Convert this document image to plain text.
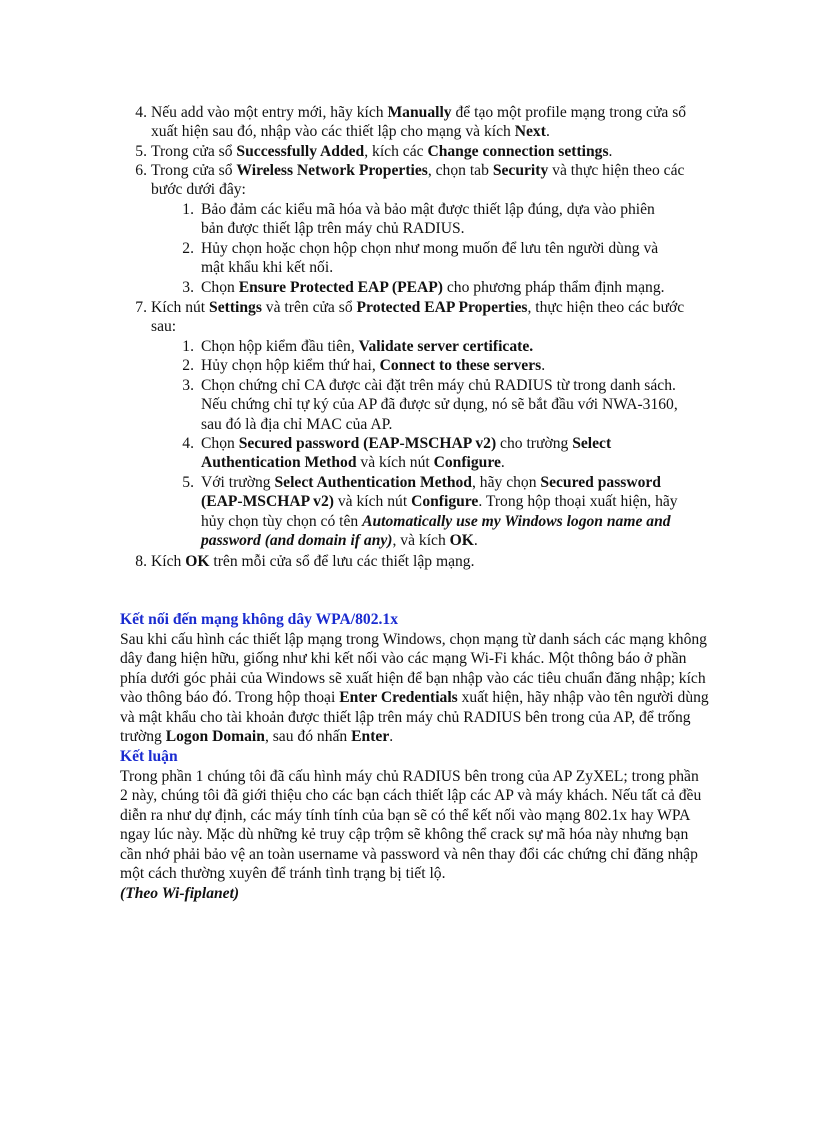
4. Nếu add vào một entry mới, hãy kích Manually để tạo một profile mạng trong cửa sổ xuất hiện sau đó, nhập vào các thiết lập cho mạng và kích Next.
5. Trong cửa sổ Successfully Added, kích các Change connection settings.
6. Trong cửa sổ Wireless Network Properties, chọn tab Security và thực hiện theo các bước dưới đây:
1. Bảo đảm các kiểu mã hóa và bảo mật được thiết lập đúng, dựa vào phiên bản được thiết lập trên máy chủ RADIUS.
2. Hủy chọn hoặc chọn hộp chọn như mong muốn để lưu tên người dùng và mật khẩu khi kết nối.
3. Chọn Ensure Protected EAP (PEAP) cho phương pháp thẩm định mạng.
7. Kích nút Settings và trên cửa sổ Protected EAP Properties, thực hiện theo các bước sau:
1. Chọn hộp kiểm đầu tiên, Validate server certificate.
2. Hủy chọn hộp kiểm thứ hai, Connect to these servers.
3. Chọn chứng chỉ CA được cài đặt trên máy chủ RADIUS từ trong danh sách. Nếu chứng chỉ tự ký của AP đã được sử dụng, nó sẽ bắt đầu với NWA-3160, sau đó là địa chỉ MAC của AP.
4. Chọn Secured password (EAP-MSCHAP v2) cho trường Select Authentication Method và kích nút Configure.
5. Với trường Select Authentication Method, hãy chọn Secured password (EAP-MSCHAP v2) và kích nút Configure. Trong hộp thoại xuất hiện, hãy hủy chọn tùy chọn có tên Automatically use my Windows logon name and password (and domain if any), và kích OK.
8. Kích OK trên mỗi cửa sổ để lưu các thiết lập mạng.
Kết nối đến mạng không dây WPA/802.1x
Sau khi cấu hình các thiết lập mạng trong Windows, chọn mạng từ danh sách các mạng không dây đang hiện hữu, giống như khi kết nối vào các mạng Wi-Fi khác. Một thông báo ở phần phía dưới góc phải của Windows sẽ xuất hiện để bạn nhập vào các tiêu chuẩn đăng nhập; kích vào thông báo đó. Trong hộp thoại Enter Credentials xuất hiện, hãy nhập vào tên người dùng và mật khẩu cho tài khoản được thiết lập trên máy chủ RADIUS bên trong của AP, để trống trường Logon Domain, sau đó nhấn Enter.
Kết luận
Trong phần 1 chúng tôi đã cấu hình máy chủ RADIUS bên trong của AP ZyXEL; trong phần 2 này, chúng tôi đã giới thiệu cho các bạn cách thiết lập các AP và máy khách. Nếu tất cả đều diễn ra như dự định, các máy tính tính của bạn sẽ có thể kết nối vào mạng 802.1x hay WPA ngay lúc này. Mặc dù những kẻ truy cập trộm sẽ không thể crack sự mã hóa này nhưng bạn cần nhớ phải bảo vệ an toàn username và password và nên thay đổi các chứng chỉ đăng nhập một cách thường xuyên để tránh tình trạng bị tiết lộ.
(Theo Wi-fiplanet)
